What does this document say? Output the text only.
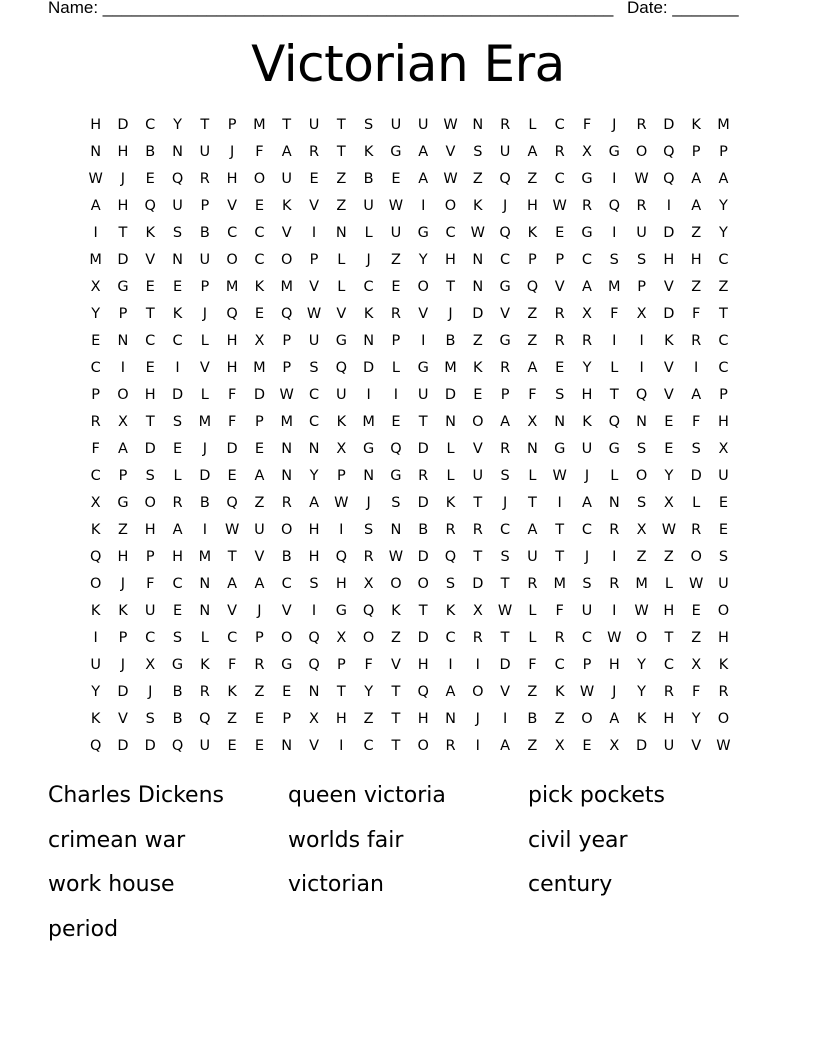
Name: ______________________________________________________ Date: _______
Victorian Era
H	D	C	Y	T	P	M	T	U	T	S	U	U	W	N	R	L	C	F	J	R	D	K	M
N	H	B	N	U	J	F	A	R	T	K	G	A	V	S	U	A	R	X	G	O	Q	P	P
W	J	E	Q	R	H	O	U	E	Z	B	E	A	W	Z	Q	Z	C	G	I	W Q	A	A
A	H	Q	U	P	V	E	K	V	Z	U	W	I	O	K	J	H	W	R	Q	R	I	A	Y
I	T	K	S	B	C	C	V	I	N	L	U	G	C	W Q	K	E	G	I	U	D	Z	Y
M	D	V	N	U	O	C	O	P	L	J	Z	Y	H	N	C	P	P	C	S	S	H	H	C
X	G	E	E	P	M	K	M	V	L	C	E	O	T	N	G	Q	V	A	M	P	V	Z	Z
Y	P	T	K	J	Q	E	Q W	V	K	R	V	J	D	V	Z	R	X	F	X	D	F	T
E	N	C	C	L	H	X	P	U	G	N	P	I	B	Z	G	Z	R	R	I	I	K	R	C
C	I	E	I	V	H	M	P	S	Q	D	L	G	M	K	R	A	E	Y	L	I	V	I	C
P	O	H	D	L	F	D	W	C	U	I	I	U	D	E	P	F	S	H	T	Q	V	A	P
R	X	T	S	M	F	P	M	C	K	M	E	T	N	O	A	X	N	K	Q	N	E	F	H
F	A	D	E	J	D	E	N	N	X	G	Q	D	L	V	R	N	G	U	G	S	E	S	X
C	P	S	L	D	E	A	N	Y	P	N	G	R	L	U	S	L	W	J	L	O	Y	D	U
X	G	O	R	B	Q	Z	R	A	W	J	S	D	K	T	J	T	I	A	N	S	X	L	E
K	Z	H	A	I	W	U	O	H	I	S	N	B	R	R	C	A	T	C	R	X	W	R	E
Q	H	P	H	M	T	V	B	H	Q	R	W	D	Q	T	S	U	T	J	I	Z	Z	O	S
O	J	F	C	N	A	A	C	S	H	X	O	O	S	D	T	R	M	S	R	M	L	W	U
K	K	U	E	N	V	J	V	I	G	Q	K	T	K	X	W	L	F	U	I	W	H	E	O
I	P	C	S	L	C	P	O	Q	X	O	Z	D	C	R	T	L	R	C	W O	T	Z	H
U	J	X	G	K	F	R	G	Q	P	F	V	H	I	I	D	F	C	P	H	Y	C	X	K
Y	D	J	B	R	K	Z	E	N	T	Y	T	Q	A	O	V	Z	K	W	J	Y	R	F	R
K	V	S	B	Q	Z	E	P	X	H	Z	T	H	N	J	I	B	Z	O	A	K	H	Y	O
Q	D	D	Q	U	E	E	N	V	I	C	T	O	R	I	A	Z	X	E	X	D	U	V	W
Charles Dickens	queen victoria	pick pockets
crimean war	worlds fair	civil year
work house	victorian	century
period
